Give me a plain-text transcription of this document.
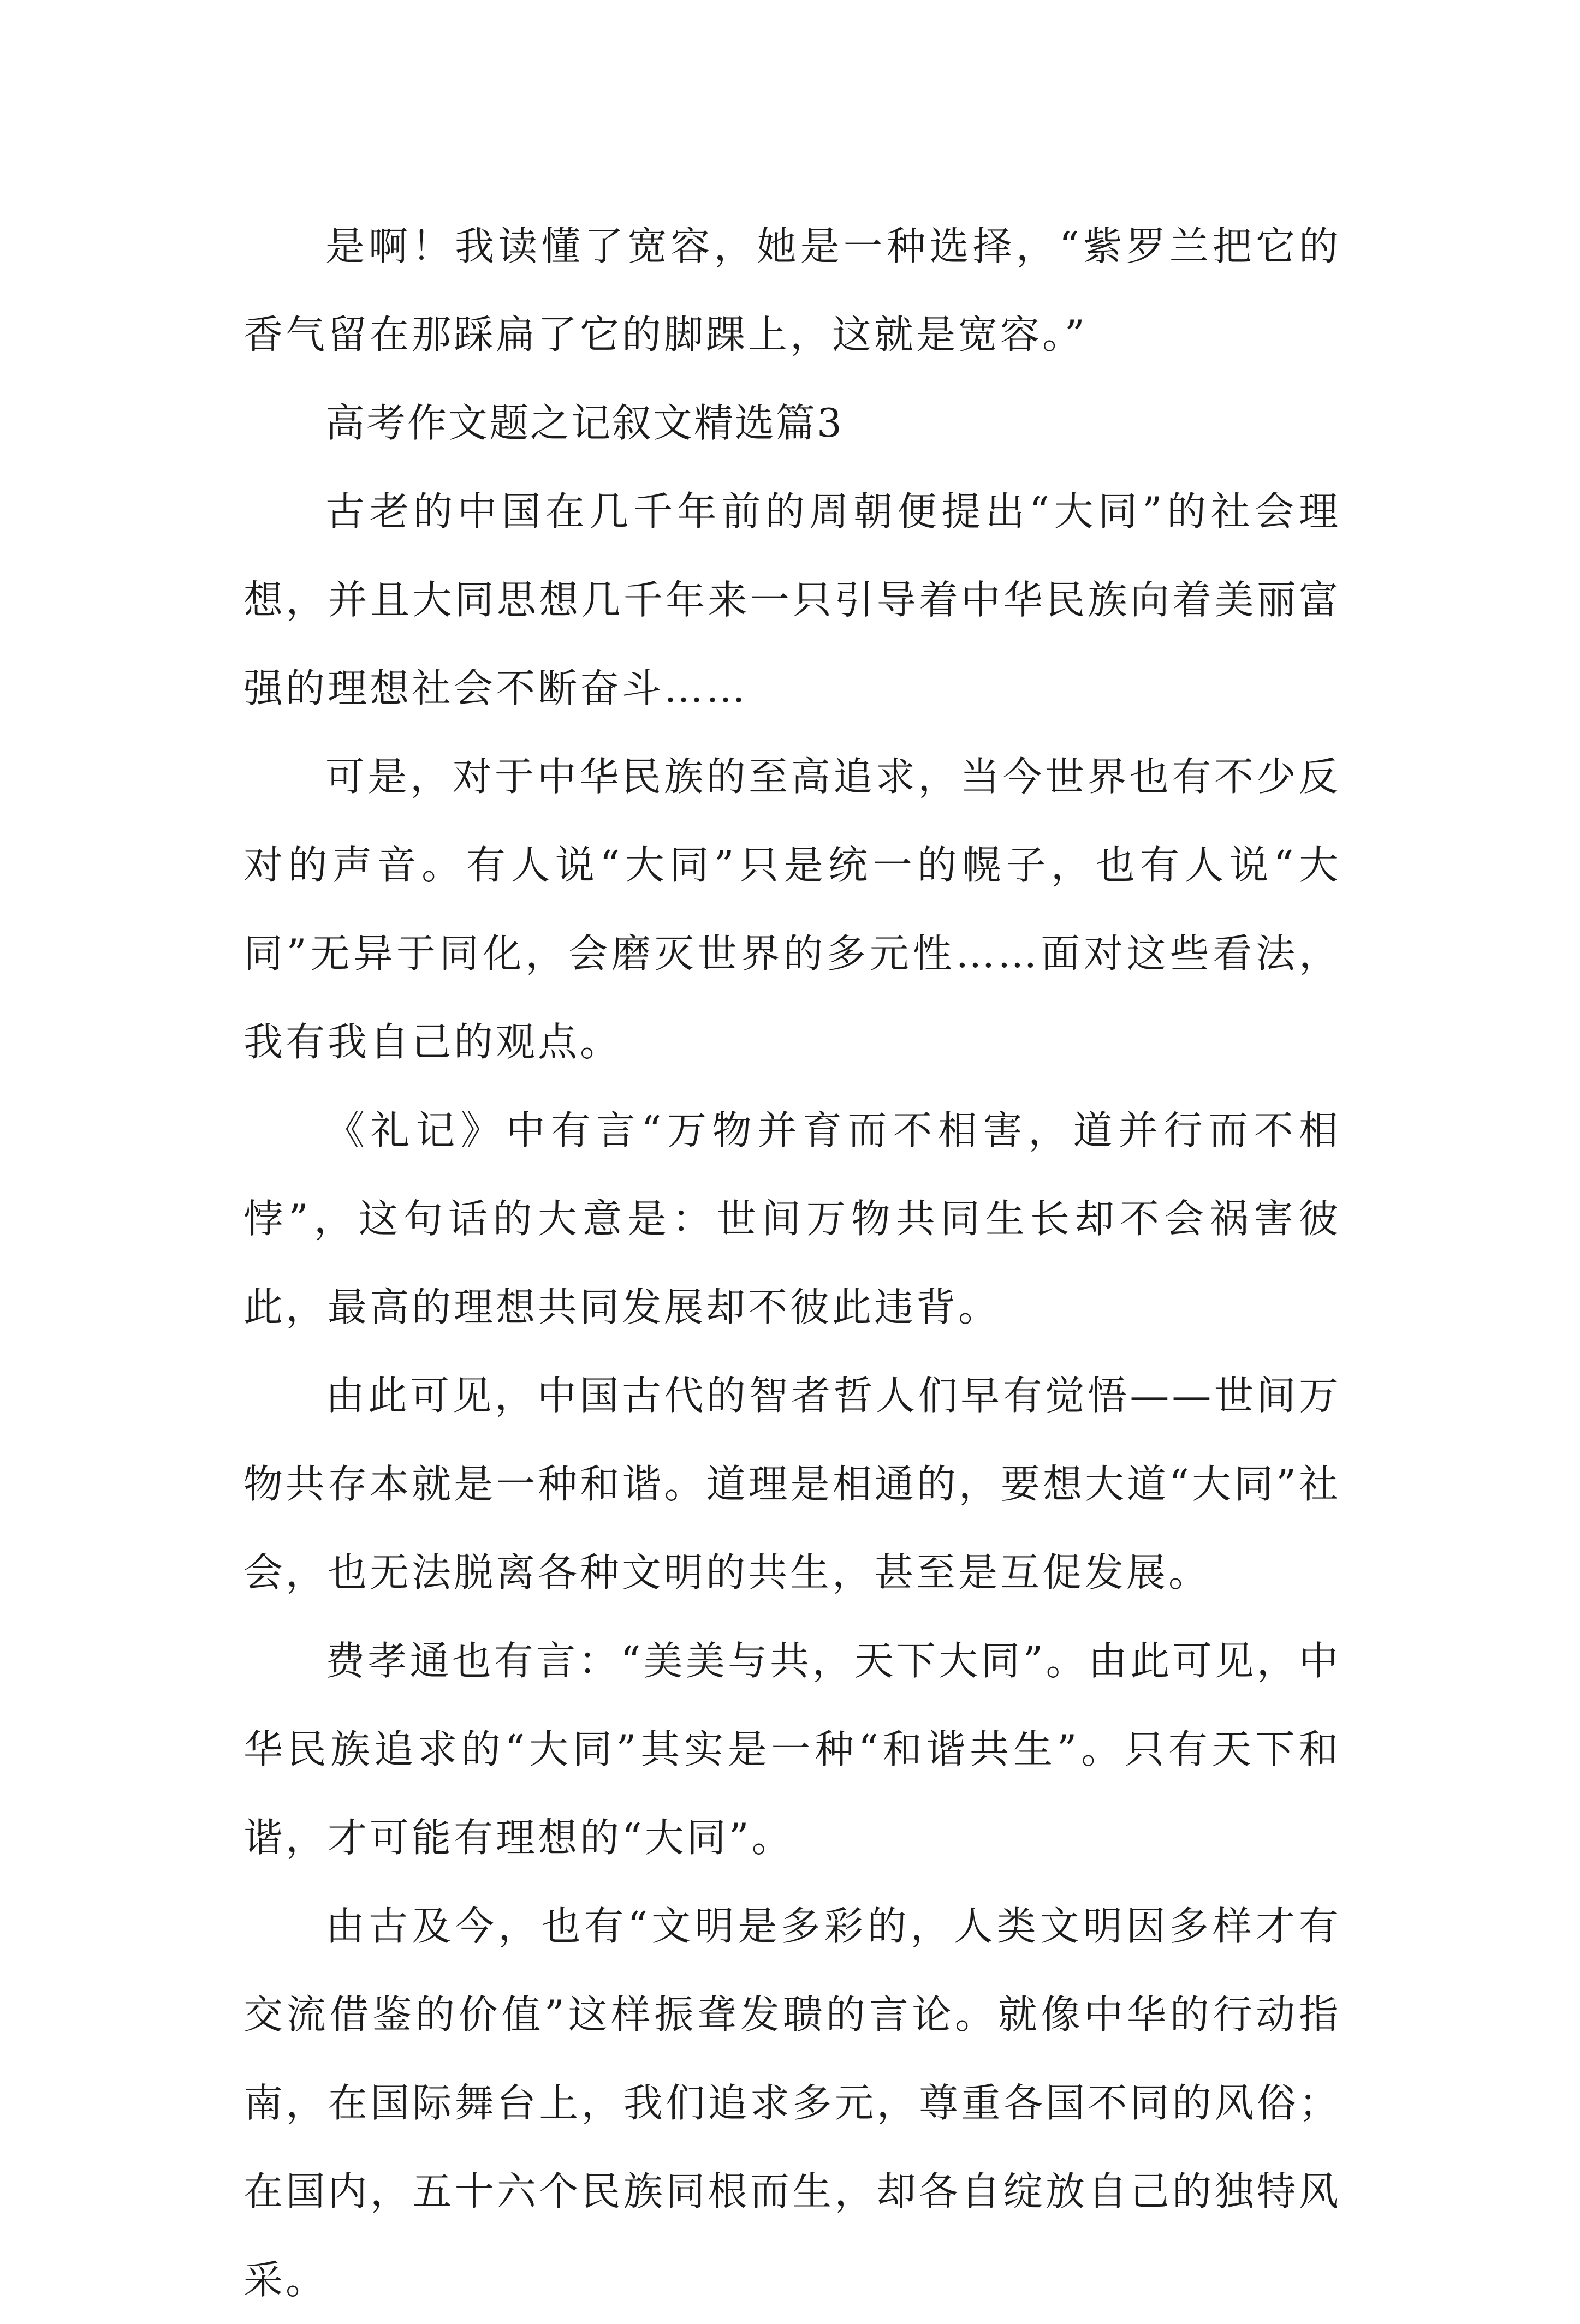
是啊！我读懂了宽容，她是一种选择，“紫罗兰把它的香气留在那踩扁了它的脚踝上，这就是宽容。”

高考作文题之记叙文精选篇3

古老的中国在几千年前的周朝便提出“大同”的社会理想，并且大同思想几千年来一只引导着中华民族向着美丽富强的理想社会不断奋斗……

可是，对于中华民族的至高追求，当今世界也有不少反对的声音。有人说“大同”只是统一的幌子，也有人说“大同”无异于同化，会磨灭世界的多元性……面对这些看法，我有我自己的观点。

《礼记》中有言“万物并育而不相害，道并行而不相悖”，这句话的大意是：世间万物共同生长却不会祸害彼此，最高的理想共同发展却不彼此违背。

由此可见，中国古代的智者哲人们早有觉悟——世间万物共存本就是一种和谐。道理是相通的，要想大道“大同”社会，也无法脱离各种文明的共生，甚至是互促发展。

费孝通也有言：“美美与共，天下大同”。由此可见，中华民族追求的“大同”其实是一种“和谐共生”。只有天下和谐，才可能有理想的“大同”。

由古及今，也有“文明是多彩的，人类文明因多样才有交流借鉴的价值”这样振聋发聩的言论。就像中华的行动指南，在国际舞台上，我们追求多元，尊重各国不同的风俗；在国内，五十六个民族同根而生，却各自绽放自己的独特风采。
